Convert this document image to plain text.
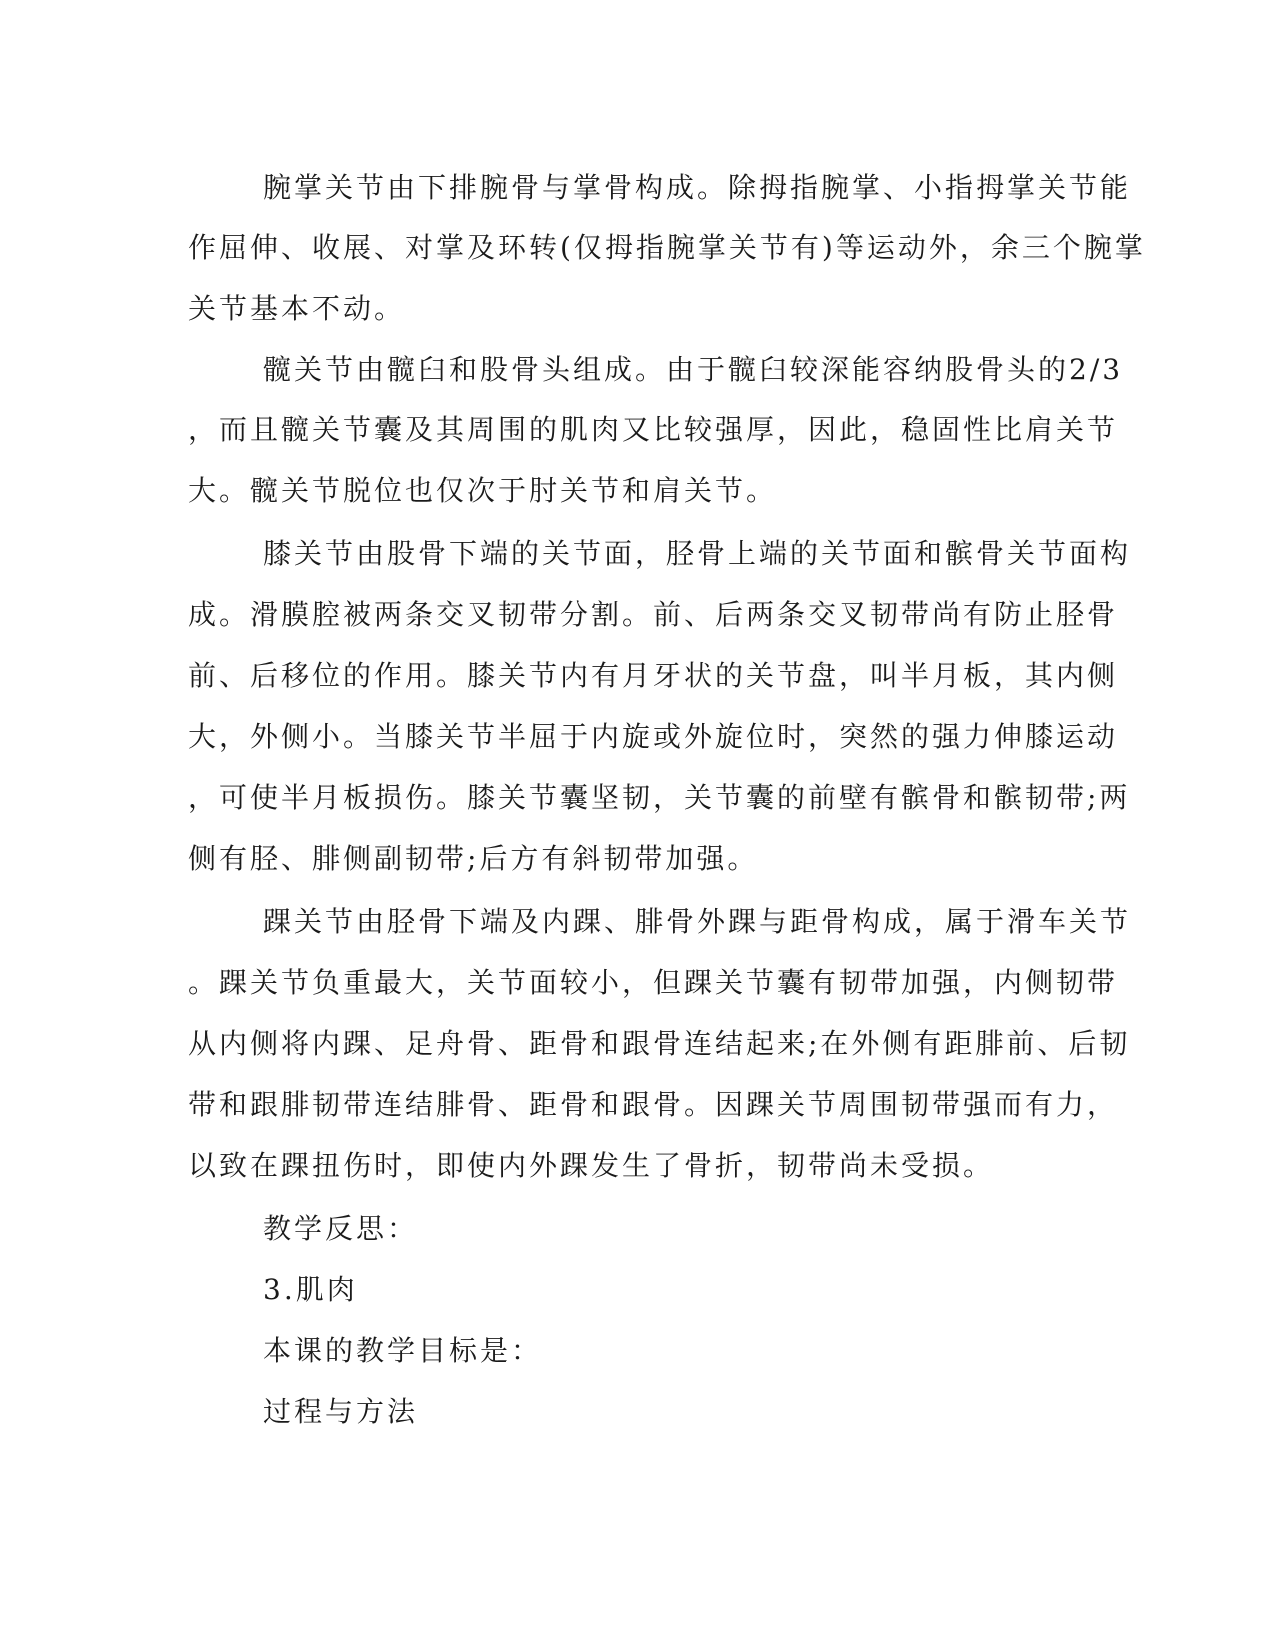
腕掌关节由下排腕骨与掌骨构成。除拇指腕掌、小指拇掌关节能
作屈伸、收展、对掌及环转(仅拇指腕掌关节有)等运动外，余三个腕掌
关节基本不动。
髋关节由髋臼和股骨头组成。由于髋臼较深能容纳股骨头的2/3
，而且髋关节囊及其周围的肌肉又比较强厚，因此，稳固性比肩关节
大。髋关节脱位也仅次于肘关节和肩关节。
膝关节由股骨下端的关节面，胫骨上端的关节面和髌骨关节面构
成。滑膜腔被两条交叉韧带分割。前、后两条交叉韧带尚有防止胫骨
前、后移位的作用。膝关节内有月牙状的关节盘，叫半月板，其内侧
大，外侧小。当膝关节半屈于内旋或外旋位时，突然的强力伸膝运动
，可使半月板损伤。膝关节囊坚韧，关节囊的前壁有髌骨和髌韧带;两
侧有胫、腓侧副韧带;后方有斜韧带加强。
踝关节由胫骨下端及内踝、腓骨外踝与距骨构成，属于滑车关节
。踝关节负重最大，关节面较小，但踝关节囊有韧带加强，内侧韧带
从内侧将内踝、足舟骨、距骨和跟骨连结起来;在外侧有距腓前、后韧
带和跟腓韧带连结腓骨、距骨和跟骨。因踝关节周围韧带强而有力，
以致在踝扭伤时，即使内外踝发生了骨折，韧带尚未受损。
教学反思：
3.肌肉
本课的教学目标是：
过程与方法
